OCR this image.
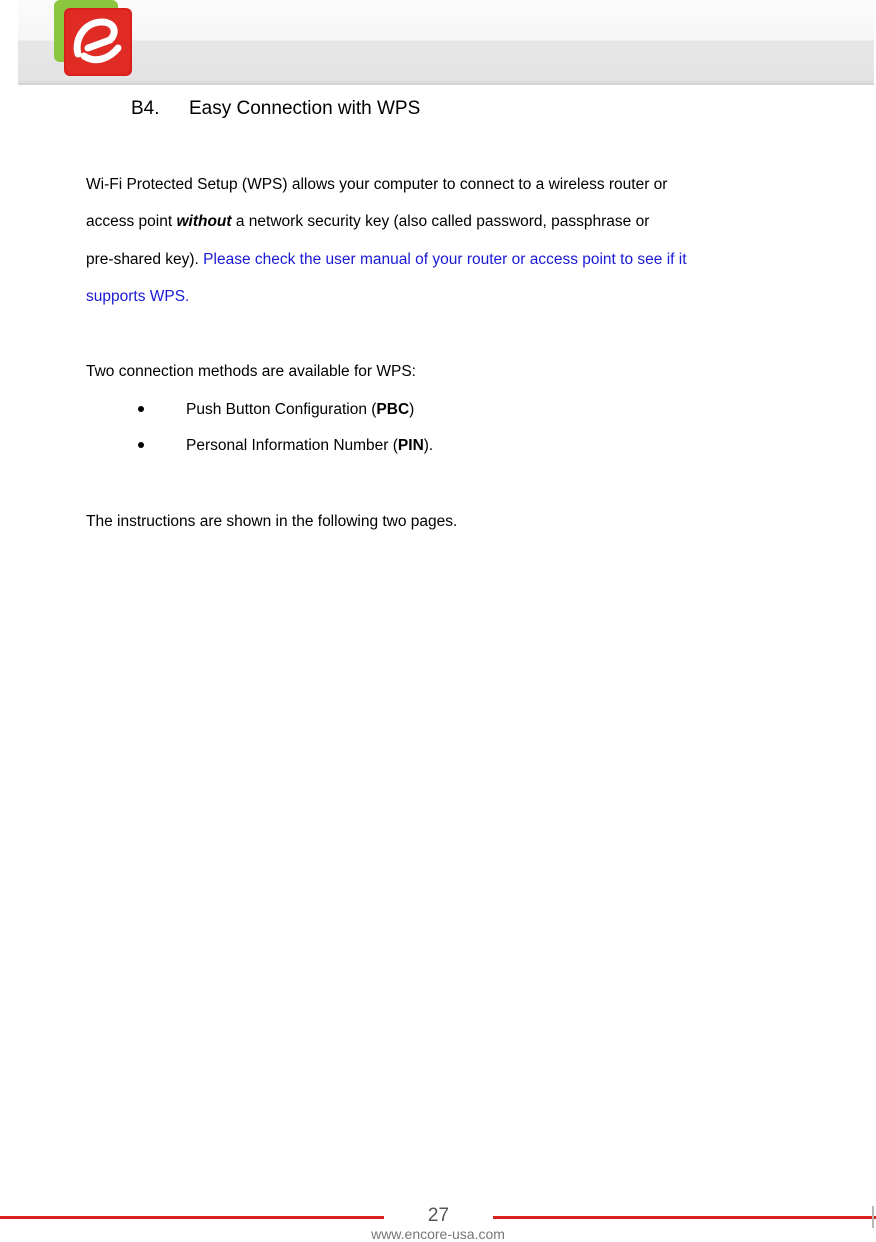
B4. Easy Connection with WPS
Wi-Fi Protected Setup (WPS) allows your computer to connect to a wireless router or
access point without a network security key (also called password, passphrase or
pre-shared key). Please check the user manual of your router or access point to see if it
supports WPS.
Two connection methods are available for WPS:
Push Button Configuration (PBC)
Personal Information Number (PIN).
The instructions are shown in the following two pages.
27
www.encore-usa.com
